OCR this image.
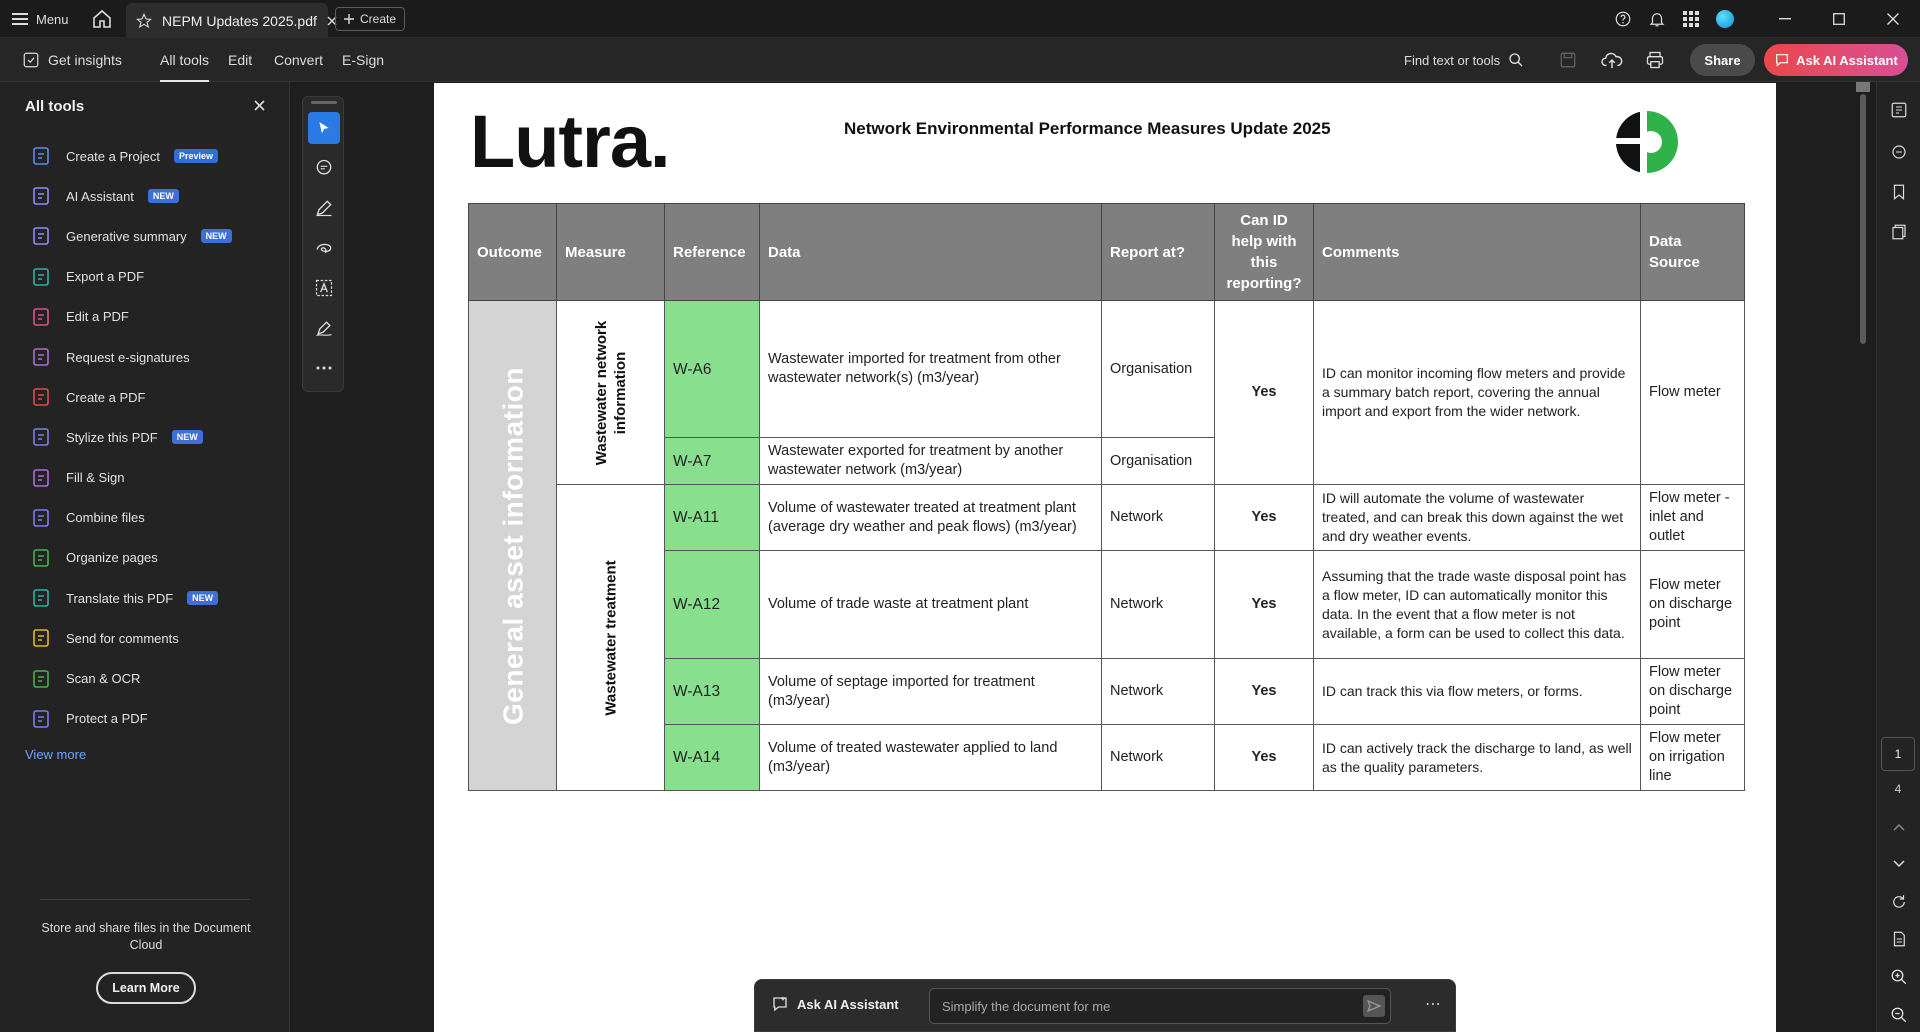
Menu	NEPM Updates 2025.pdf	Create
Get insights	All tools Edit Convert E-Sign	Find text or tools	Share	Ask AI Assistant
All tools
Create a Project	Preview
AI Assistant	NEW
Generative summary	NEW
Export a PDF
Edit a PDF
Request e-signatures
Create a PDF
Stylize this PDF	NEW
Fill & Sign
Combine files
Organize pages
Translate this PDF	NEW
Send for comments
Scan & OCR
Protect a PDF
View more
Store and share files in the Document Cloud
Learn More
Lutra.	Network Environmental Performance Measures Update 2025
Outcome	Measure	Reference	Data	Report at?	Can ID help with this reporting?	Comments	Data Source

General asset information	Wastewater network information	W-A6	Wastewater imported for treatment from other wastewater network(s) (m3/year)	Organisation	Yes	ID can monitor incoming flow meters and provide a summary batch report, covering the annual import and export from the wider network.	Flow meter
		W-A7	Wastewater exported for treatment by another wastewater network (m3/year)	Organisation			

	Wastewater treatment	W-A11	Volume of wastewater treated at treatment plant (average dry weather and peak flows) (m3/year)	Network	Yes	ID will automate the volume of wastewater treated, and can break this down against the wet and dry weather events.	Flow meter - inlet and outlet
		W-A12	Volume of trade waste at treatment plant	Network	Yes	Assuming that the trade waste disposal point has a flow meter, ID can automatically monitor this data. In the event that a flow meter is not available, a form can be used to collect this data.	Flow meter on discharge point
		W-A13	Volume of septage imported for treatment (m3/year)	Network	Yes	ID can track this via flow meters, or forms.	Flow meter on discharge point
		W-A14	Volume of treated wastewater applied to land (m3/year)	Network	Yes	ID can actively track the discharge to land, as well as the quality parameters.	Flow meter on irrigation line
1
4
Ask AI Assistant	Simplify the document for me	⋯
